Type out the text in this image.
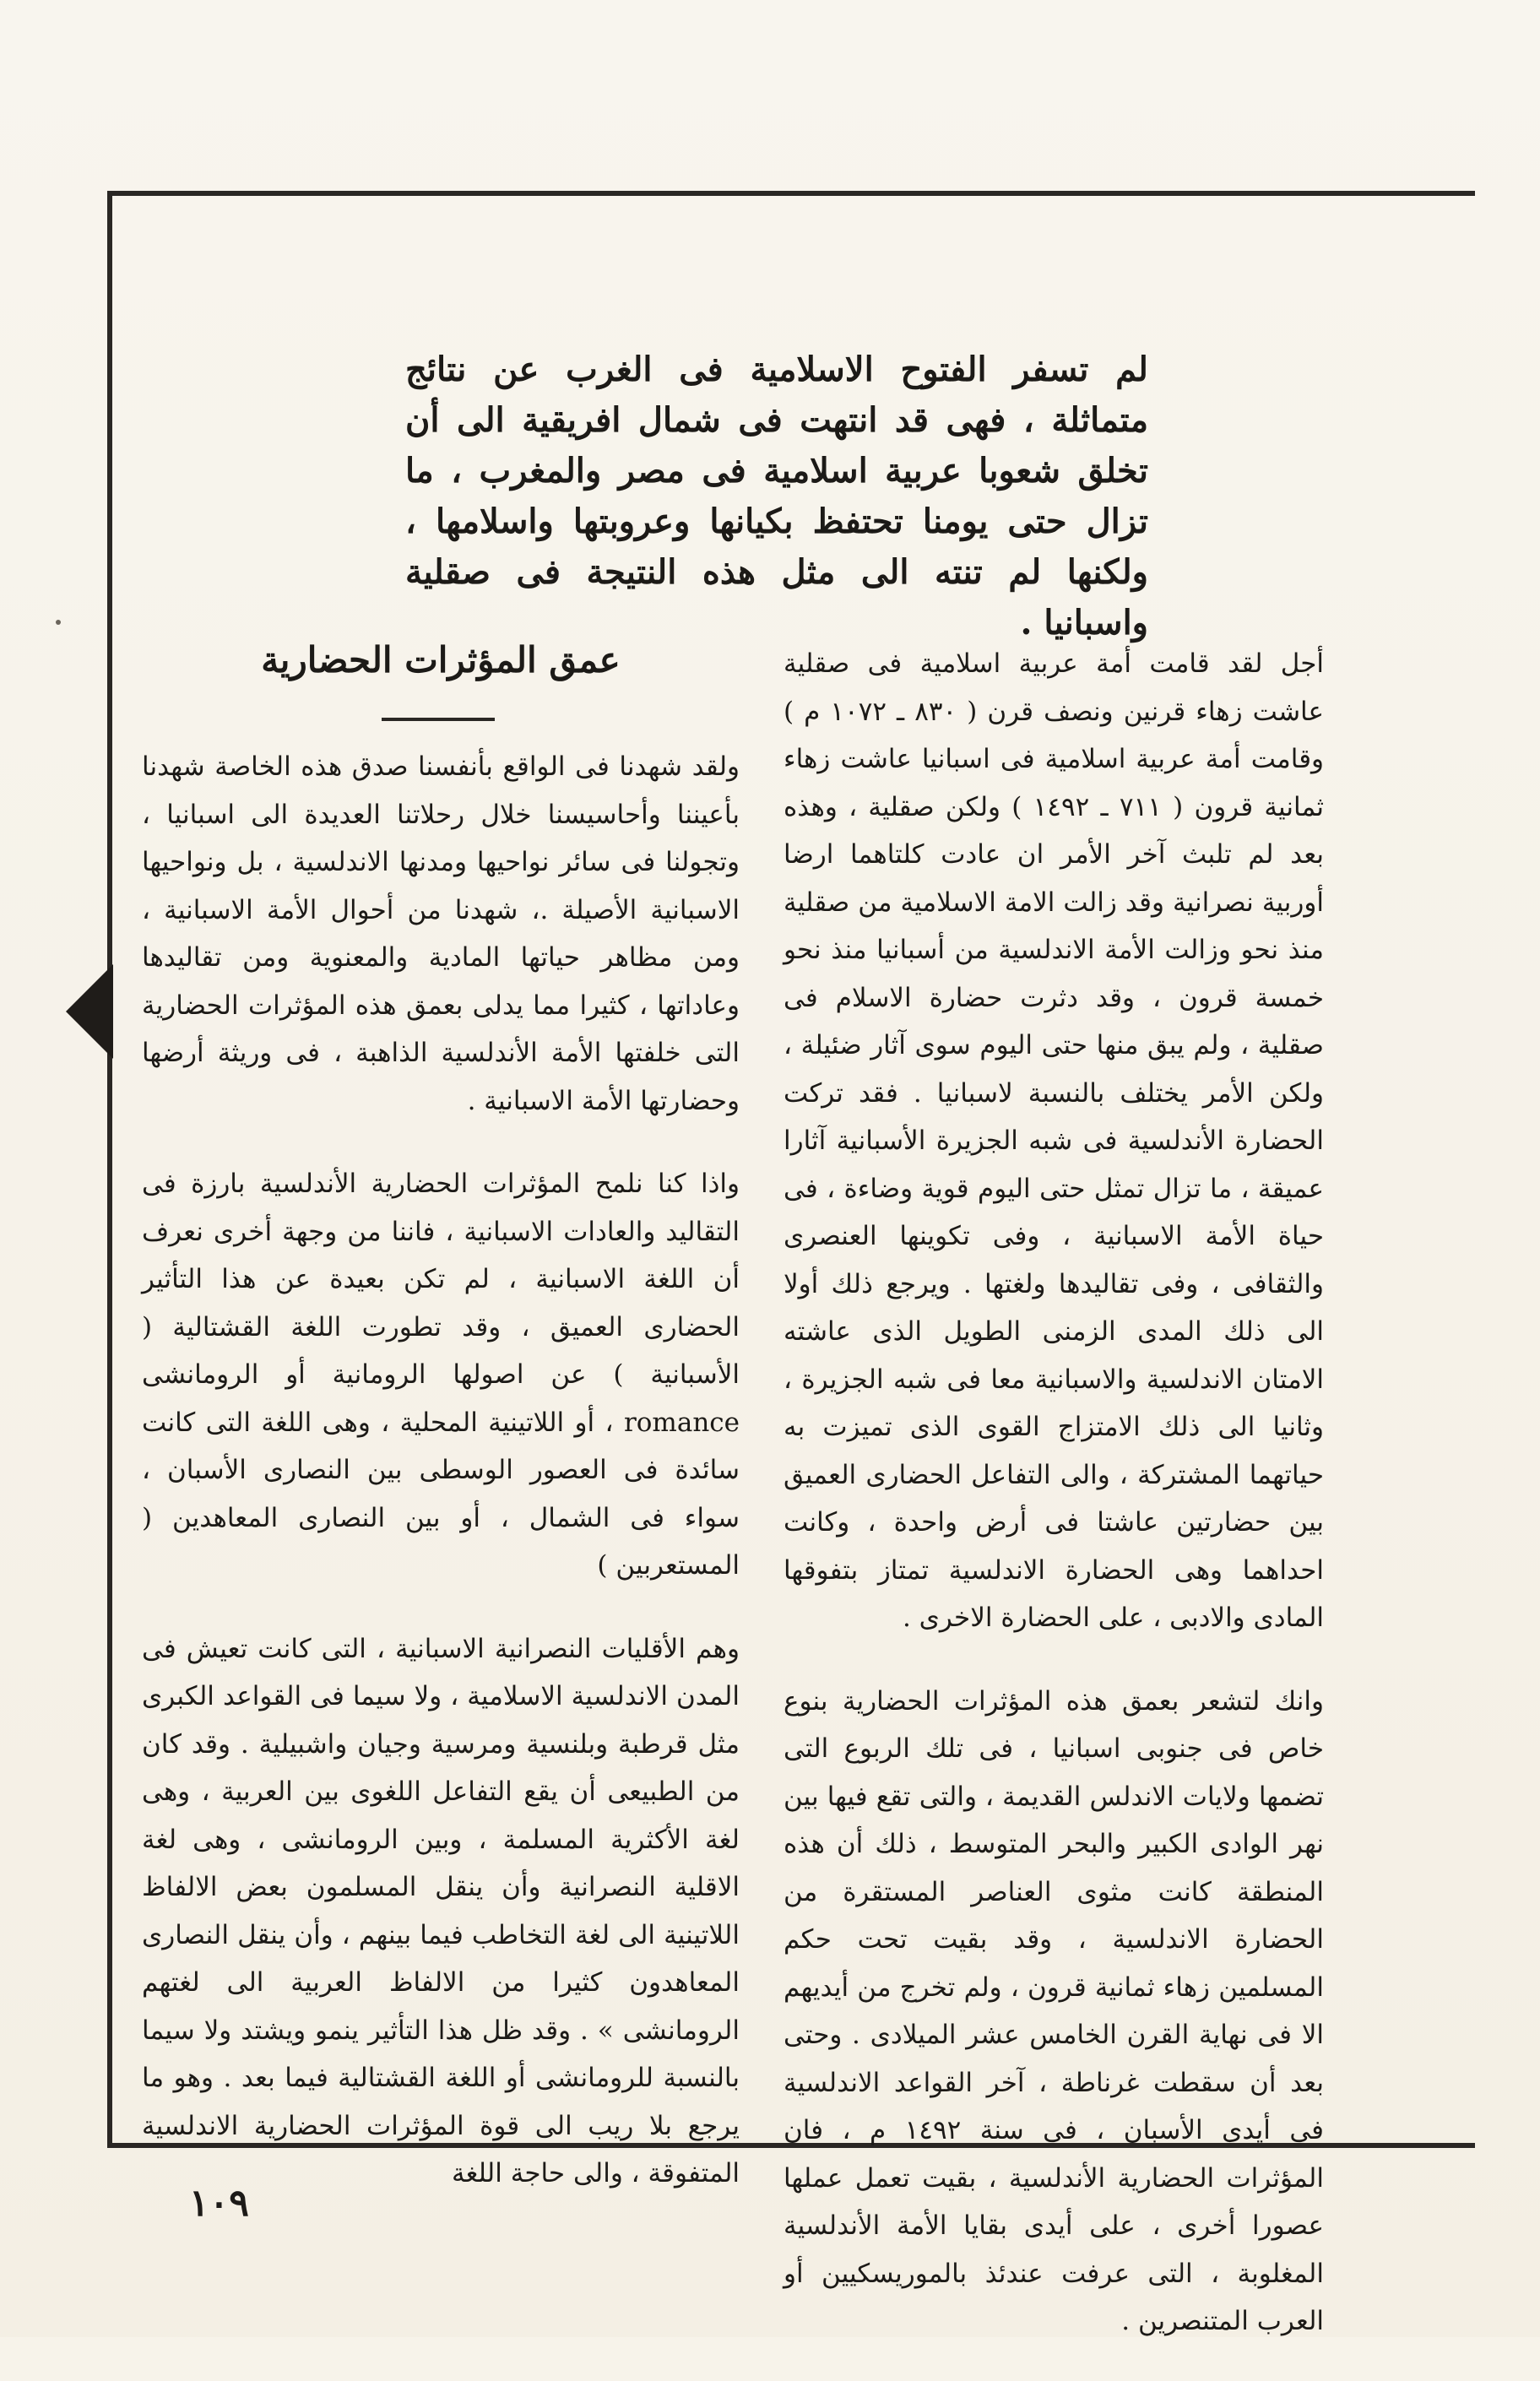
لم تسفر الفتوح الاسلامية فى الغرب عن نتائج متماثلة ، فهى قد انتهت فى شمال افريقية الى أن تخلق شعوبا عربية اسلامية فى مصر والمغرب ، ما تزال حتى يومنا تحتفظ بكيانها وعروبتها واسلامها ، ولكنها لم تنته الى مثل هذه النتيجة فى صقلية واسبانيا .

أجل لقد قامت أمة عربية اسلامية فى صقلية عاشت زهاء قرنين ونصف قرن ( ٨٣٠ ـ ١٠٧٢ م ) وقامت أمة عربية اسلامية فى اسبانيا عاشت زهاء ثمانية قرون ( ٧١١ ـ ١٤٩٢ ) ولكن صقلية ، وهذه بعد لم تلبث آخر الأمر ان عادت كلتاهما ارضا أوربية نصرانية وقد زالت الامة الاسلامية من صقلية منذ نحو وزالت الأمة الاندلسية من أسبانيا منذ نحو خمسة قرون ، وقد دثرت حضارة الاسلام فى صقلية ، ولم يبق منها حتى اليوم سوى آثار ضئيلة ، ولكن الأمر يختلف بالنسبة لاسبانيا . فقد تركت الحضارة الأندلسية فى شبه الجزيرة الأسبانية آثارا عميقة ، ما تزال تمثل حتى اليوم قوية وضاءة ، فى حياة الأمة الاسبانية ، وفى تكوينها العنصرى والثقافى ، وفى تقاليدها ولغتها . ويرجع ذلك أولا الى ذلك المدى الزمنى الطويل الذى عاشته الامتان الاندلسية والاسبانية معا فى شبه الجزيرة ، وثانيا الى ذلك الامتزاج القوى الذى تميزت به حياتهما المشتركة ، والى التفاعل الحضارى العميق بين حضارتين عاشتا فى أرض واحدة ، وكانت احداهما وهى الحضارة الاندلسية تمتاز بتفوقها المادى والادبى ، على الحضارة الاخرى .

وانك لتشعر بعمق هذه المؤثرات الحضارية بنوع خاص فى جنوبى اسبانيا ، فى تلك الربوع التى تضمها ولايات الاندلس القديمة ، والتى تقع فيها بين نهر الوادى الكبير والبحر المتوسط ، ذلك أن هذه المنطقة كانت مثوى العناصر المستقرة من الحضارة الاندلسية ، وقد بقيت تحت حكم المسلمين زهاء ثمانية قرون ، ولم تخرج من أيديهم الا فى نهاية القرن الخامس عشر الميلادى . وحتى بعد أن سقطت غرناطة ، آخر القواعد الاندلسية فى أيدى الأسبان ، فى سنة ١٤٩٢ م ، فان المؤثرات الحضارية الأندلسية ، بقيت تعمل عملها عصورا أخرى ، على أيدى بقايا الأمة الأندلسية المغلوبة ، التى عرفت عندئذ بالموريسكيين أو العرب المتنصرين .

عمق المؤثرات الحضارية

ولقد شهدنا فى الواقع بأنفسنا صدق هذه الخاصة شهدنا بأعيننا وأحاسيسنا خلال رحلاتنا العديدة الى اسبانيا ، وتجولنا فى سائر نواحيها ومدنها الاندلسية ، بل ونواحيها الاسبانية الأصيلة .، شهدنا من أحوال الأمة الاسبانية ، ومن مظاهر حياتها المادية والمعنوية ومن تقاليدها وعاداتها ، كثيرا مما يدلى بعمق هذه المؤثرات الحضارية التى خلفتها الأمة الأندلسية الذاهبة ، فى وريثة أرضها وحضارتها الأمة الاسبانية .

واذا كنا نلمح المؤثرات الحضارية الأندلسية بارزة فى التقاليد والعادات الاسبانية ، فاننا من وجهة أخرى نعرف أن اللغة الاسبانية ، لم تكن بعيدة عن هذا التأثير الحضارى العميق ، وقد تطورت اللغة القشتالية ( الأسبانية ) عن اصولها الرومانية أو الرومانشى romance ، أو اللاتينية المحلية ، وهى اللغة التى كانت سائدة فى العصور الوسطى بين النصارى الأسبان ، سواء فى الشمال ، أو بين النصارى المعاهدين ( المستعربين )

وهم الأقليات النصرانية الاسبانية ، التى كانت تعيش فى المدن الاندلسية الاسلامية ، ولا سيما فى القواعد الكبرى مثل قرطبة وبلنسية ومرسية وجيان واشبيلية . وقد كان من الطبيعى أن يقع التفاعل اللغوى بين العربية ، وهى لغة الأكثرية المسلمة ، وبين الرومانشى ، وهى لغة الاقلية النصرانية وأن ينقل المسلمون بعض الالفاظ اللاتينية الى لغة التخاطب فيما بينهم ، وأن ينقل النصارى المعاهدون كثيرا من الالفاظ العربية الى لغتهم الرومانشى » . وقد ظل هذا التأثير ينمو ويشتد ولا سيما بالنسبة للرومانشى أو اللغة القشتالية فيما بعد . وهو ما يرجع بلا ريب الى قوة المؤثرات الحضارية الاندلسية المتفوقة ، والى حاجة اللغة

١٠٩
